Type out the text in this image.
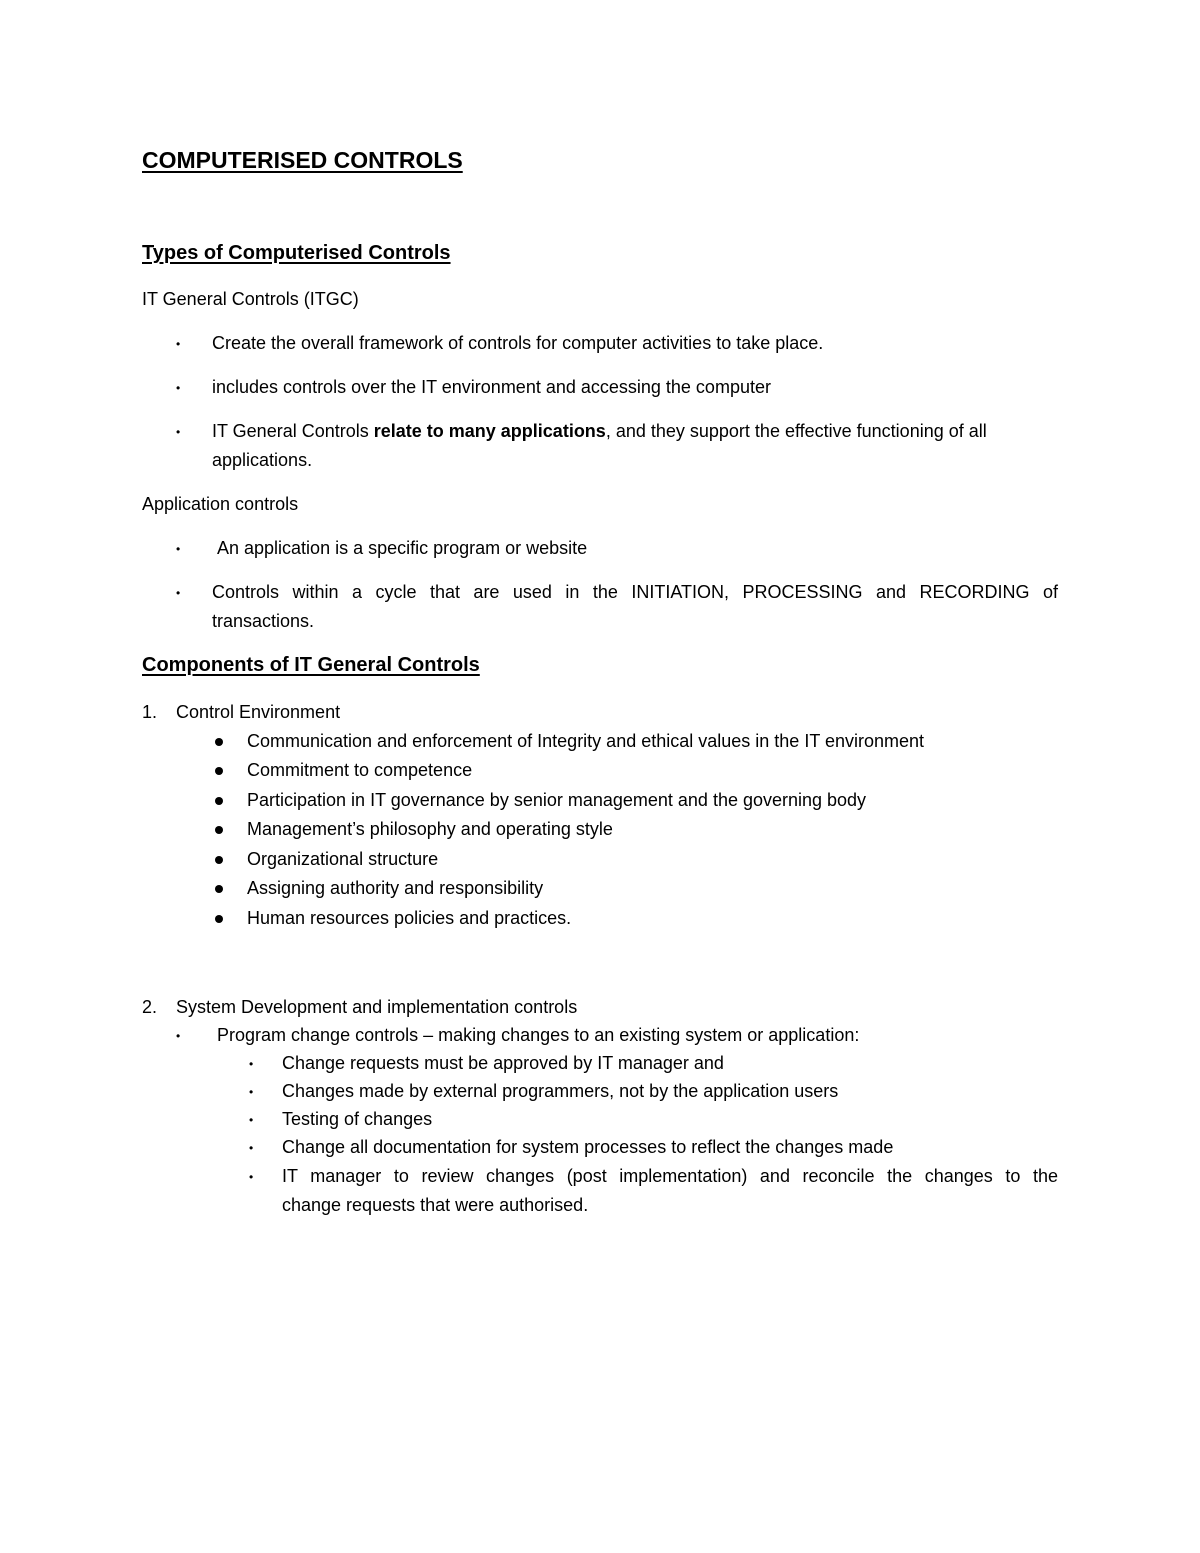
COMPUTERISED CONTROLS
Types of Computerised Controls
IT General Controls (ITGC)
• Create the overall framework of controls for computer activities to take place.
• includes controls over the IT environment and accessing the computer
• IT General Controls relate to many applications, and they support the effective functioning of all
applications.
Application controls
• An application is a specific program or website
• Controls within a cycle that are used in the INITIATION, PROCESSING and RECORDING of
transactions.
Components of IT General Controls
1. Control Environment
Communication and enforcement of Integrity and ethical values in the IT environment
Commitment to competence
Participation in IT governance by senior management and the governing body
Management’s philosophy and operating style
Organizational structure
Assigning authority and responsibility
Human resources policies and practices.
2. System Development and implementation controls
• Program change controls – making changes to an existing system or application:
• Change requests must be approved by IT manager and
• Changes made by external programmers, not by the application users
• Testing of changes
• Change all documentation for system processes to reflect the changes made
• IT manager to review changes (post implementation) and reconcile the changes to the
change requests that were authorised.
